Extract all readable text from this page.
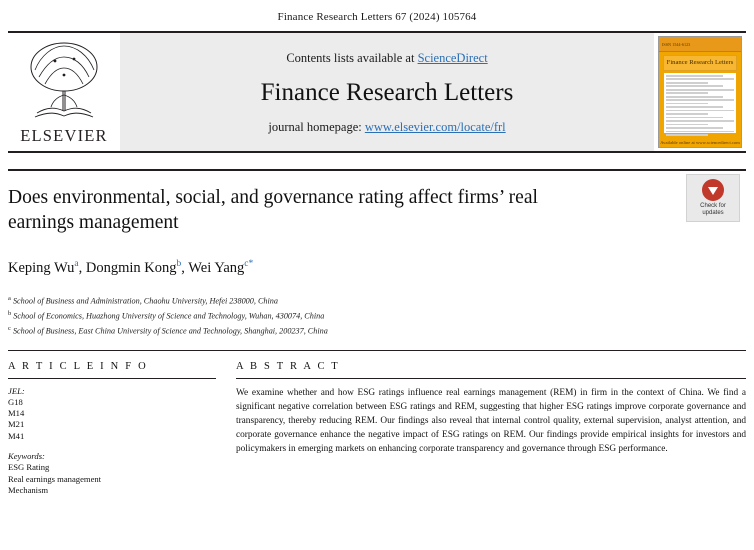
Finance Research Letters 67 (2024) 105764
ELSEVIER
Contents lists available at ScienceDirect
Finance Research Letters
journal homepage: www.elsevier.com/locate/frl
ISSN 1544-6123
Finance Research Letters
Available online at www.sciencedirect.com
Check for
updates
Does environmental, social, and governance rating affect firms’ real earnings management
Keping Wu$^a$, Dongmin Kong$^b$, Wei Yang$^{c*}$
$^a$ School of Business and Administration, Chaohu University, Hefei 238000, China
$^b$ School of Economics, Huazhong University of Science and Technology, Wuhan, 430074, China
$^c$ School of Business, East China University of Science and Technology, Shanghai, 200237, China
A R T I C L E I N F O
JEL:
G18
M14
M21
M41
Keywords:
ESG Rating
Real earnings management
Mechanism
A B S T R A C T
We examine whether and how ESG ratings influence real earnings management (REM) in firm in the context of China. We find a significant negative correlation between ESG ratings and REM, suggesting that higher ESG ratings improve corporate governance and transparency, thereby reducing REM. Our findings also reveal that internal control quality, external supervision, analyst attention, and corporate governance enhance the negative impact of ESG ratings on REM. Our findings provide empirical insights for investors and policymakers in emerging markets on enhancing corporate transparency and governance through ESG performance.
